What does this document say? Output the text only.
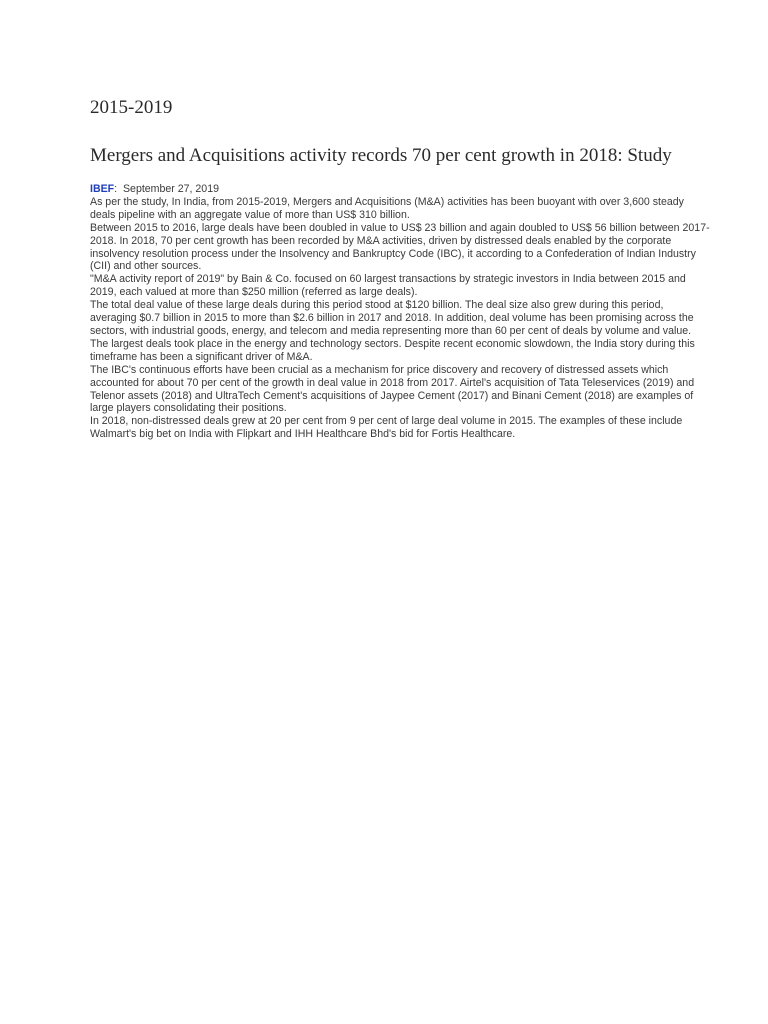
2015-2019
Mergers and Acquisitions activity records 70 per cent growth in 2018: Study

IBEF: September 27, 2019

As per the study, In India, from 2015-2019, Mergers and Acquisitions (M&A) activities has been buoyant with over 3,600 steady deals pipeline with an aggregate value of more than US$ 310 billion.

Between 2015 to 2016, large deals have been doubled in value to US$ 23 billion and again doubled to US$ 56 billion between 2017-2018. In 2018, 70 per cent growth has been recorded by M&A activities, driven by distressed deals enabled by the corporate insolvency resolution process under the Insolvency and Bankruptcy Code (IBC), it according to a Confederation of Indian Industry (CII) and other sources.

"M&A activity report of 2019" by Bain & Co. focused on 60 largest transactions by strategic investors in India between 2015 and 2019, each valued at more than $250 million (referred as large deals).

The total deal value of these large deals during this period stood at $120 billion. The deal size also grew during this period, averaging $0.7 billion in 2015 to more than $2.6 billion in 2017 and 2018. In addition, deal volume has been promising across the sectors, with industrial goods, energy, and telecom and media representing more than 60 per cent of deals by volume and value.

The largest deals took place in the energy and technology sectors. Despite recent economic slowdown, the India story during this timeframe has been a significant driver of M&A.

The IBC's continuous efforts have been crucial as a mechanism for price discovery and recovery of distressed assets which accounted for about 70 per cent of the growth in deal value in 2018 from 2017. Airtel's acquisition of Tata Teleservices (2019) and Telenor assets (2018) and UltraTech Cement's acquisitions of Jaypee Cement (2017) and Binani Cement (2018) are examples of large players consolidating their positions.

In 2018, non-distressed deals grew at 20 per cent from 9 per cent of large deal volume in 2015. The examples of these include Walmart's big bet on India with Flipkart and IHH Healthcare Bhd's bid for Fortis Healthcare.
